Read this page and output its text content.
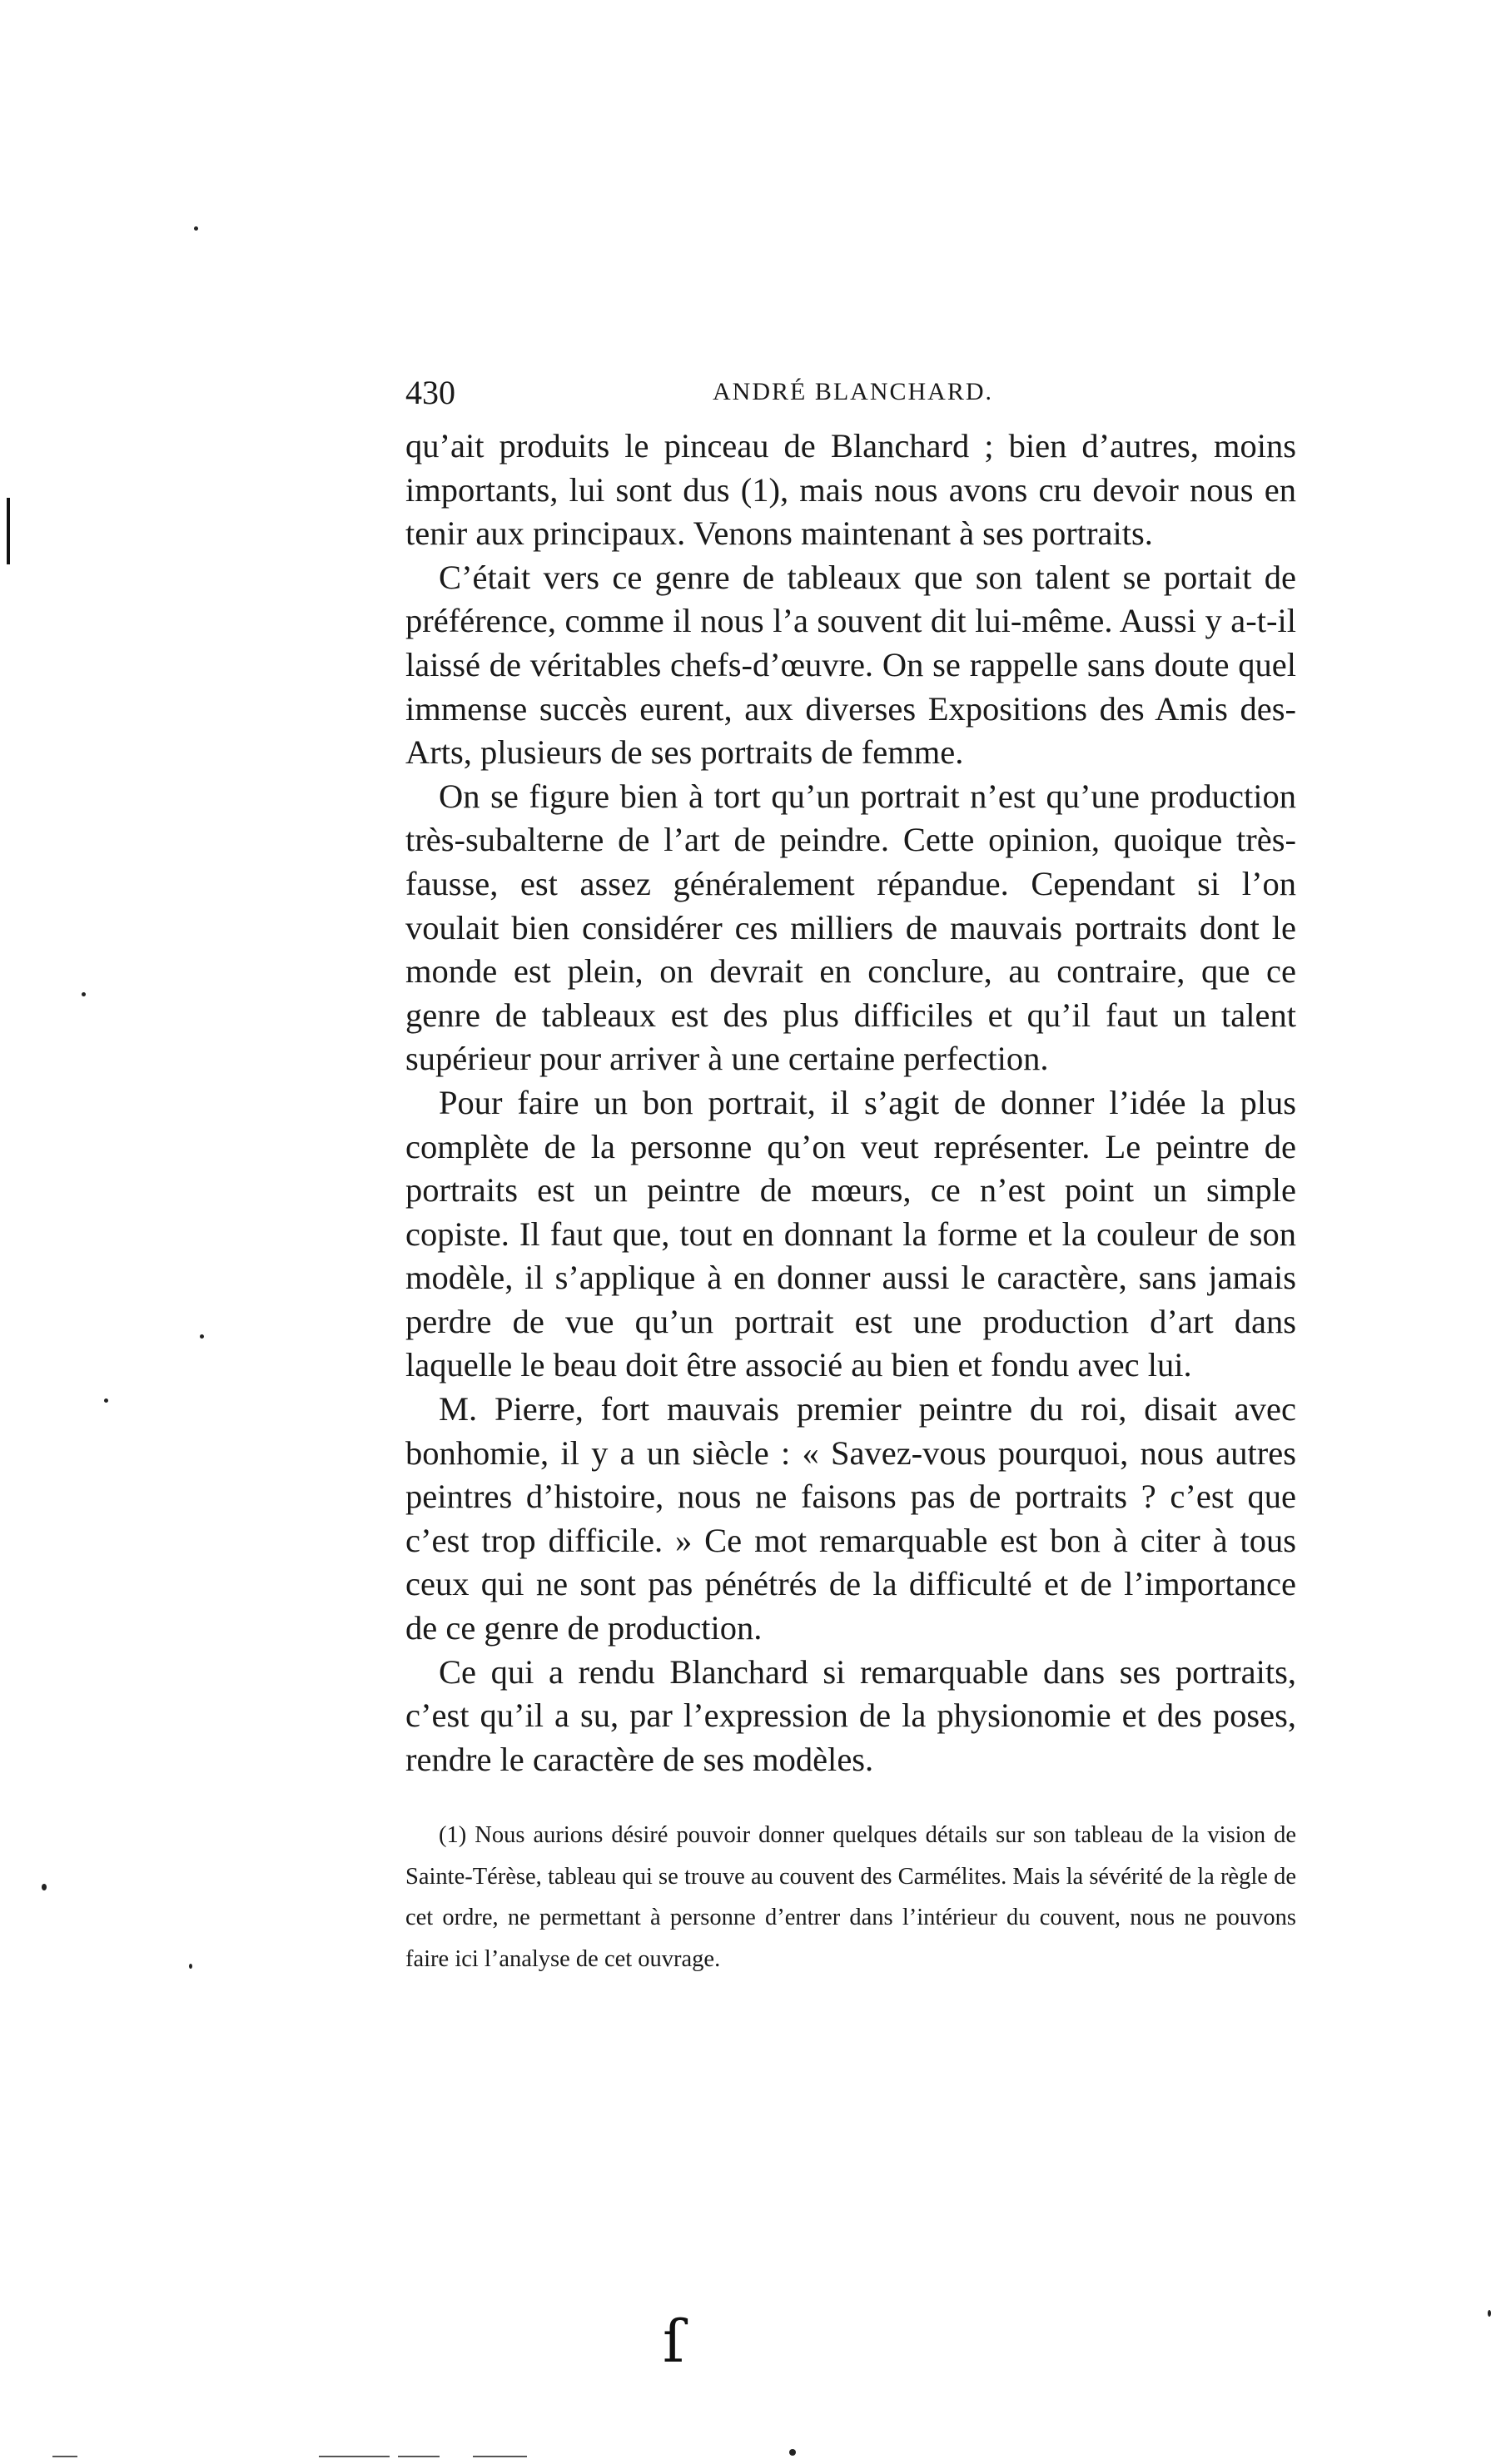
430	ANDRÉ BLANCHARD.

qu’ait produits le pinceau de Blanchard ; bien d’autres, moins importants, lui sont dus (1), mais nous avons cru devoir nous en tenir aux principaux. Venons maintenant à ses portraits.

C’était vers ce genre de tableaux que son talent se portait de préférence, comme il nous l’a souvent dit lui-même. Aussi y a-t-il laissé de véritables chefs-d’œuvre. On se rappelle sans doute quel immense succès eurent, aux diverses Expositions des Amis des-Arts, plusieurs de ses portraits de femme.

On se figure bien à tort qu’un portrait n’est qu’une production très-subalterne de l’art de peindre. Cette opinion, quoique très-fausse, est assez généralement répandue. Cependant si l’on voulait bien considérer ces milliers de mauvais portraits dont le monde est plein, on devrait en conclure, au contraire, que ce genre de tableaux est des plus difficiles et qu’il faut un talent supérieur pour arriver à une certaine perfection.

Pour faire un bon portrait, il s’agit de donner l’idée la plus complète de la personne qu’on veut représenter. Le peintre de portraits est un peintre de mœurs, ce n’est point un simple copiste. Il faut que, tout en donnant la forme et la couleur de son modèle, il s’applique à en donner aussi le caractère, sans jamais perdre de vue qu’un portrait est une production d’art dans laquelle le beau doit être associé au bien et fondu avec lui.

M. Pierre, fort mauvais premier peintre du roi, disait avec bonhomie, il y a un siècle : « Savez-vous pourquoi, nous autres peintres d’histoire, nous ne faisons pas de portraits ? c’est que c’est trop difficile. » Ce mot remarquable est bon à citer à tous ceux qui ne sont pas pénétrés de la difficulté et de l’importance de ce genre de production.

Ce qui a rendu Blanchard si remarquable dans ses portraits, c’est qu’il a su, par l’expression de la physionomie et des poses, rendre le caractère de ses modèles.

(1) Nous aurions désiré pouvoir donner quelques détails sur son tableau de la vision de Sainte-Térèse, tableau qui se trouve au couvent des Carmélites. Mais la sévérité de la règle de cet ordre, ne permettant à personne d’entrer dans l’intérieur du couvent, nous ne pouvons faire ici l’analyse de cet ouvrage.
ſ
